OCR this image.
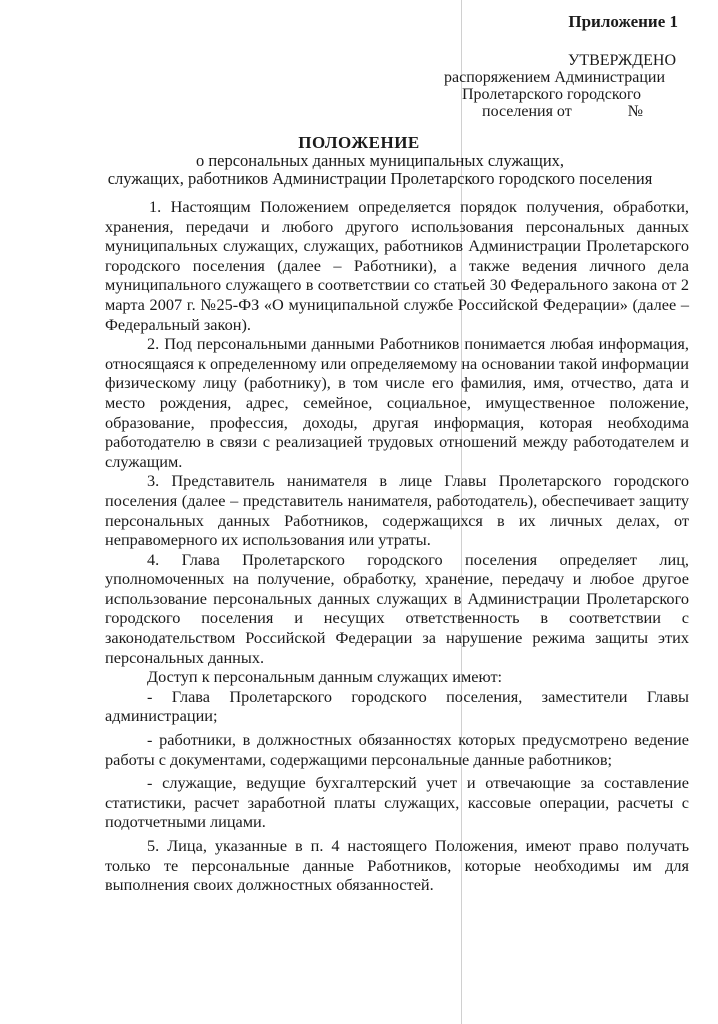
Приложение 1
УТВЕРЖДЕНО
распоряжением Администрации
Пролетарского городского
поселения от              №
ПОЛОЖЕНИЕ
о персональных данных муниципальных служащих,
служащих, работников Администрации Пролетарского городского поселения

1. Настоящим Положением определяется порядок получения, обработки, хранения, передачи и любого другого использования персональных данных муниципальных служащих, служащих, работников Администрации Пролетарского городского поселения (далее – Работники), а также ведения личного дела муниципального служащего в соответствии со статьей 30 Федерального закона от 2 марта 2007 г. №25-ФЗ «О муниципальной службе Российской Федерации» (далее – Федеральный закон).

2. Под персональными данными Работников понимается любая информация, относящаяся к определенному или определяемому на основании такой информации физическому лицу (работнику), в том числе его фамилия, имя, отчество, дата и место рождения, адрес, семейное, социальное, имущественное положение, образование, профессия, доходы, другая информация, которая необходима работодателю в связи с реализацией трудовых отношений между работодателем и служащим.

3. Представитель нанимателя в лице Главы Пролетарского городского поселения (далее – представитель нанимателя, работодатель), обеспечивает защиту персональных данных Работников, содержащихся в их личных делах, от неправомерного их использования или утраты.

4. Глава Пролетарского городского поселения определяет лиц, уполномоченных на получение, обработку, хранение, передачу и любое другое использование персональных данных служащих в Администрации Пролетарского городского поселения и несущих ответственность в соответствии с законодательством Российской Федерации за нарушение режима защиты этих персональных данных.

Доступ к персональным данным служащих имеют:

- Глава Пролетарского городского поселения, заместители Главы администрации;

- работники, в должностных обязанностях которых предусмотрено ведение работы с документами, содержащими персональные данные работников;

- служащие, ведущие бухгалтерский учет и отвечающие за составление статистики, расчет заработной платы служащих, кассовые операции, расчеты с подотчетными лицами.

5. Лица, указанные в п. 4 настоящего Положения, имеют право получать только те персональные данные Работников, которые необходимы им для выполнения своих должностных обязанностей.
